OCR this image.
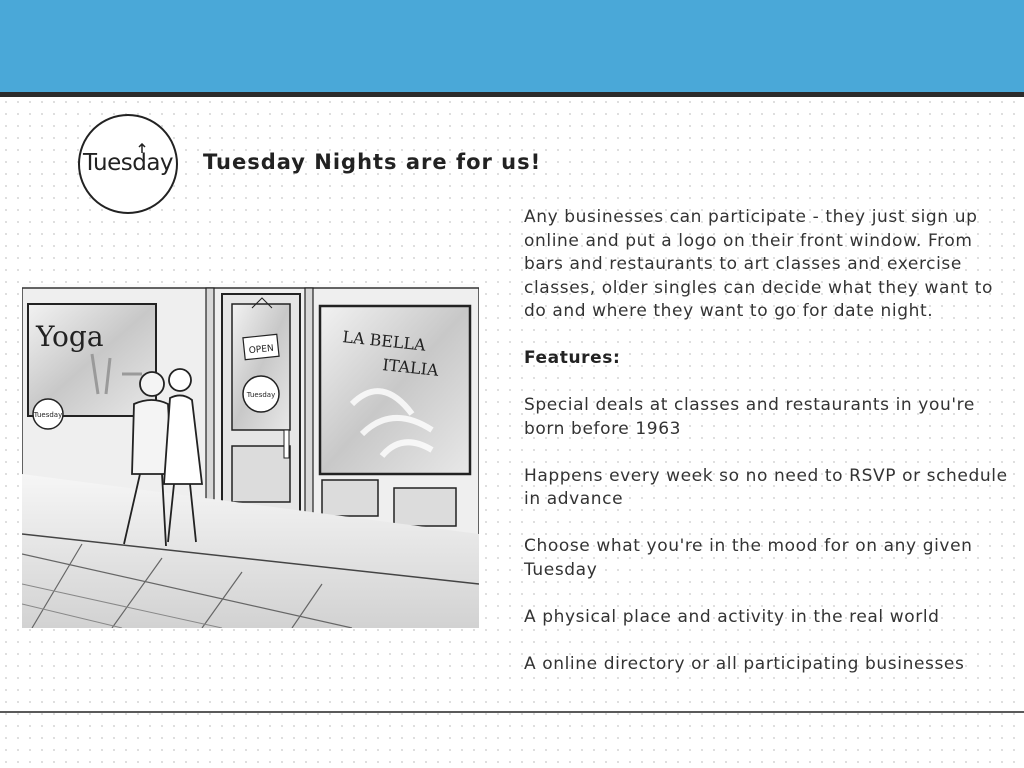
Tuesday Tuesday Nights are for us!
Yoga
Tuesday
OPEN
Tuesday
LA BELLA
ITALIA

Any businesses can participate - they just sign up online and put a logo on their front window. From bars and restaurants to art classes and exercise classes, older singles can decide what they want to do and where they want to go for date night.

Features:

Special deals at classes and restaurants in you're born before 1963

Happens every week so no need to RSVP or schedule in advance

Choose what you're in the mood for on any given Tuesday

A physical place and activity in the real world

A online directory or all participating businesses
